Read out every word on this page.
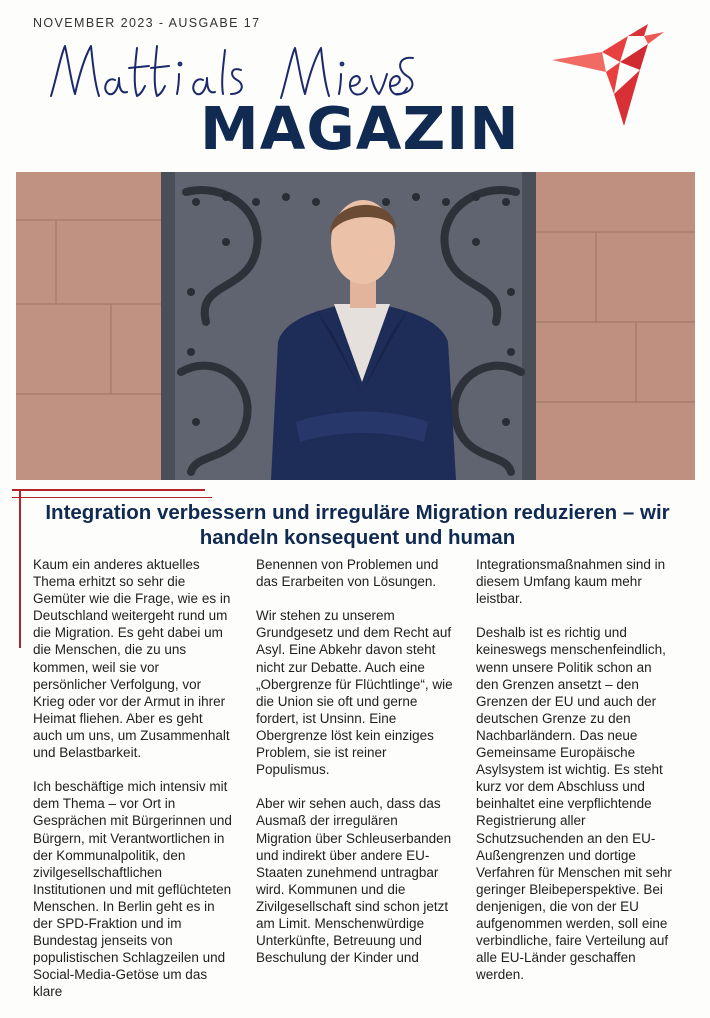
NOVEMBER 2023 - AUSGABE 17
MAGAZIN
Integration verbessern und irreguläre Migration reduzieren – wir handeln konsequent und human

Kaum ein anderes aktuelles Thema erhitzt so sehr die Gemüter wie die Frage, wie es in Deutschland weitergeht rund um die Migration. Es geht dabei um die Menschen, die zu uns kommen, weil sie vor persönlicher Verfolgung, vor Krieg oder vor der Armut in ihrer Heimat fliehen. Aber es geht auch um uns, um Zusammenhalt und Belastbarkeit.

Ich beschäftige mich intensiv mit dem Thema – vor Ort in Gesprächen mit Bürgerinnen und Bürgern, mit Verantwortlichen in der Kommunalpolitik, den zivilgesellschaftlichen Institutionen und mit geflüchteten Menschen. In Berlin geht es in der SPD-Fraktion und im Bundestag jenseits von populistischen Schlagzeilen und Social-Media-Getöse um das klare

Benennen von Problemen und das Erarbeiten von Lösungen.

Wir stehen zu unserem Grundgesetz und dem Recht auf Asyl. Eine Abkehr davon steht nicht zur Debatte. Auch eine „Obergrenze für Flüchtlinge“, wie die Union sie oft und gerne fordert, ist Unsinn. Eine Obergrenze löst kein einziges Problem, sie ist reiner Populismus.

Aber wir sehen auch, dass das Ausmaß der irregulären Migration über Schleuserbanden und indirekt über andere EU-Staaten zunehmend untragbar wird. Kommunen und die Zivilgesellschaft sind schon jetzt am Limit. Menschenwürdige Unterkünfte, Betreuung und Beschulung der Kinder und

Integrationsmaßnahmen sind in diesem Umfang kaum mehr leistbar.

Deshalb ist es richtig und keineswegs menschenfeindlich, wenn unsere Politik schon an den Grenzen ansetzt – den Grenzen der EU und auch der deutschen Grenze zu den Nachbarländern. Das neue Gemeinsame Europäische Asylsystem ist wichtig. Es steht kurz vor dem Abschluss und beinhaltet eine verpflichtende Registrierung aller Schutzsuchenden an den EU-Außengrenzen und dortige Verfahren für Menschen mit sehr geringer Bleibeperspektive. Bei denjenigen, die von der EU aufgenommen werden, soll eine verbindliche, faire Verteilung auf alle EU-Länder geschaffen werden.
